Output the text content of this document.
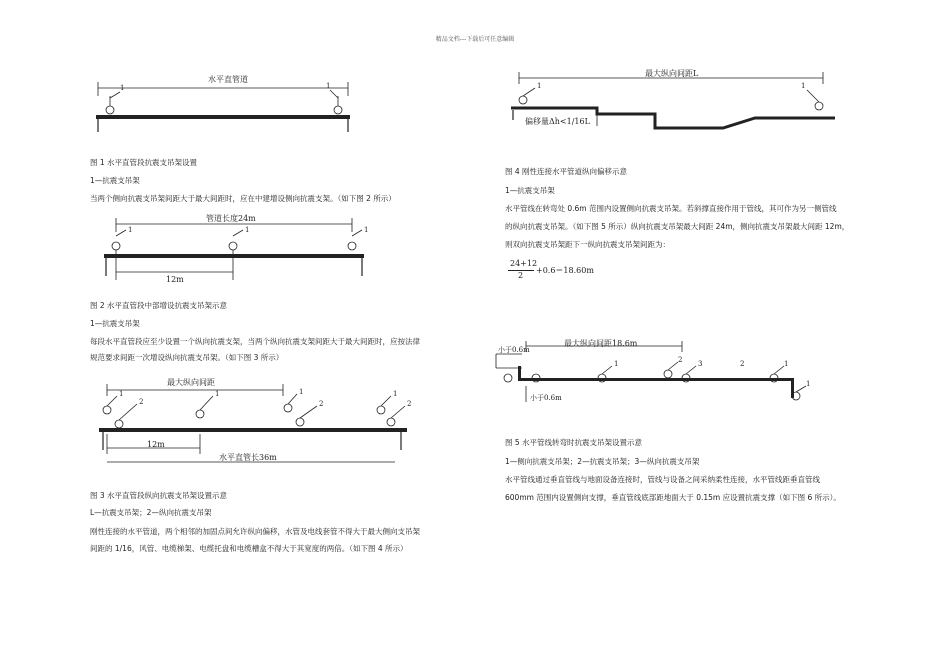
精品文档---下载后可任意编辑
水平直管道
1	1
图 1 水平直管段抗震支吊架设置
1—抗震支吊架
当两个侧向抗震支吊架间距大于最大间距时，应在中建增设侧向抗震支架。（如下图 2 所示）
管道长度24m
12m
1	1	1
图 2 水平直管段中部增设抗震支吊架示意
1—抗震支吊架
每段水平直管段应至少设置一个纵向抗震支架，当两个纵向抗震支架间距大于最大间距时，应按法律
规范要求间距一次增设纵向抗震支吊架。（如下图 3 所示）
最大纵向间距
12m
水平直管长36m
1
2
1	1
2
1
2
图 3 水平直管段纵向抗震支吊架设置示意
L—抗震支吊架；2—纵向抗震支吊架
刚性连接的水平管道，两个相邻的加固点间允许纵向偏移，水管及电线套管不得大于最大侧向支吊架
间距的 1/16，风管、电缆梯架、电缆托盘和电缆槽盒不得大于其宽度的两倍。（如下图 4 所示）
最大纵向间距L
偏移量Δh<1/16L
1	1
图 4 刚性连接水平管道纵向偏移示意
1—抗震支吊架
水平管线在转弯处 0.6m 范围内设置侧向抗震支吊架。若斜撑直接作用于管线，其可作为另一侧管线
的纵向抗震支吊架。（如下图 5 所示）纵向抗震支吊架最大间距 24m，侧向抗震支吊架最大间距 12m，
则双向抗震支吊架距下一纵向抗震支吊架间距为：
24+12
2
+0.6＝18.60m
最大纵向间距18.6m
小于0.6m
小于0.6m
1	2 3	2	1
1
图 5 水平管线转弯时抗震支吊架设置示意
1—侧向抗震支吊架；2—抗震支吊架；3—纵向抗震支吊架
水平管线通过垂直管线与地面设备连接时，管线与设备之间采纳柔性连接，水平管线距垂直管线
600mm 范围内设置侧向支撑，垂直管线底部距地面大于 0.15m 应设置抗震支撑（如下图 6 所示）。
